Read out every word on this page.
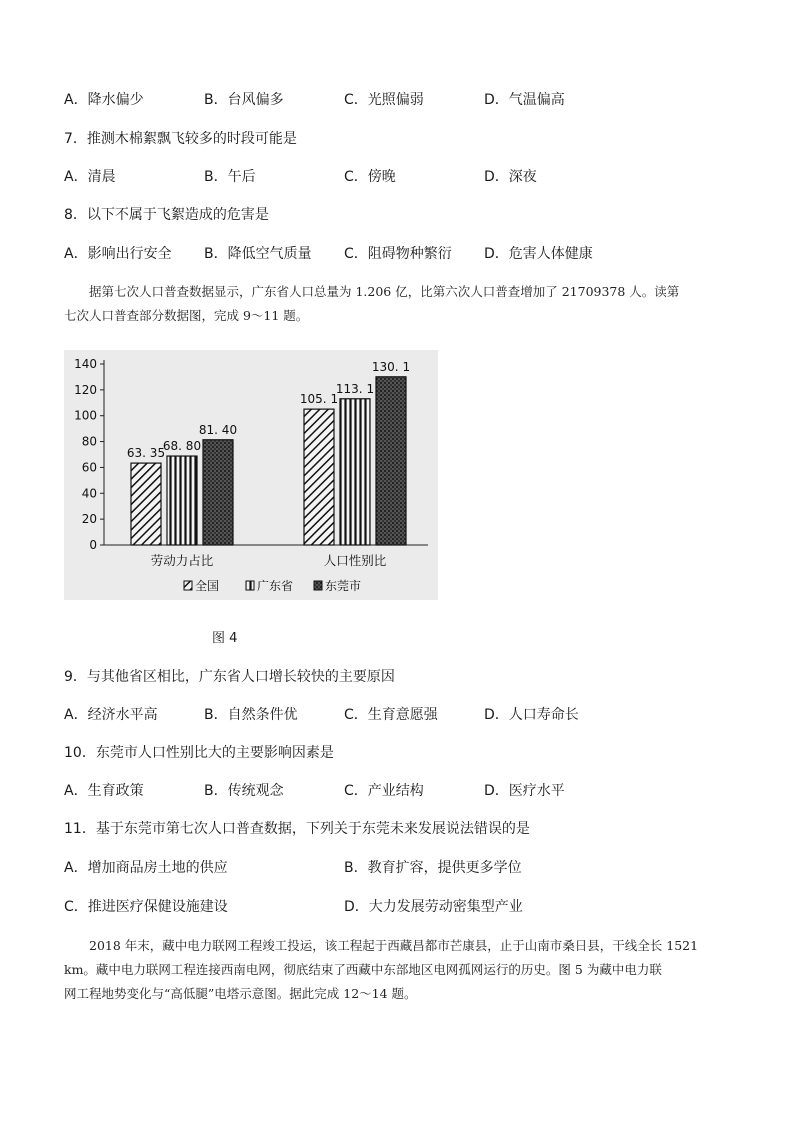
A．降水偏少	B．台风偏多	C．光照偏弱	D．气温偏高
7．推测木棉絮飘飞较多的时段可能是
A．清晨	B．午后	C．傍晚	D．深夜
8．以下不属于飞絮造成的危害是
A．影响出行安全 B．降低空气质量 C．阻碍物种繁衍 D．危害人体健康
据第七次人口普查数据显示，广东省人口总量为 1.206 亿，比第六次人口普查增加了 21709378 人。读第
七次人口普查部分数据图，完成 9～11 题。
0
20
40
60
80
100
120
140
63. 35
68. 80
81. 40
劳动力占比
105. 1
113. 1
130. 1
人口性别比
全国	广东省	东莞市
图 4
9．与其他省区相比，广东省人口增长较快的主要原因
A．经济水平高	B．自然条件优	C．生育意愿强	D．人口寿命长
10．东莞市人口性别比大的主要影响因素是
A．生育政策	B．传统观念	C．产业结构	D．医疗水平
11．基于东莞市第七次人口普查数据，下列关于东莞未来发展说法错误的是
A．增加商品房土地的供应	B．教育扩容，提供更多学位
C．推进医疗保健设施建设	D．大力发展劳动密集型产业
2018 年末，藏中电力联网工程竣工投运，该工程起于西藏昌都市芒康县，止于山南市桑日县，干线全长 1521
km。藏中电力联网工程连接西南电网，彻底结束了西藏中东部地区电网孤网运行的历史。图 5 为藏中电力联
网工程地势变化与“高低腿”电塔示意图。据此完成 12～14 题。
